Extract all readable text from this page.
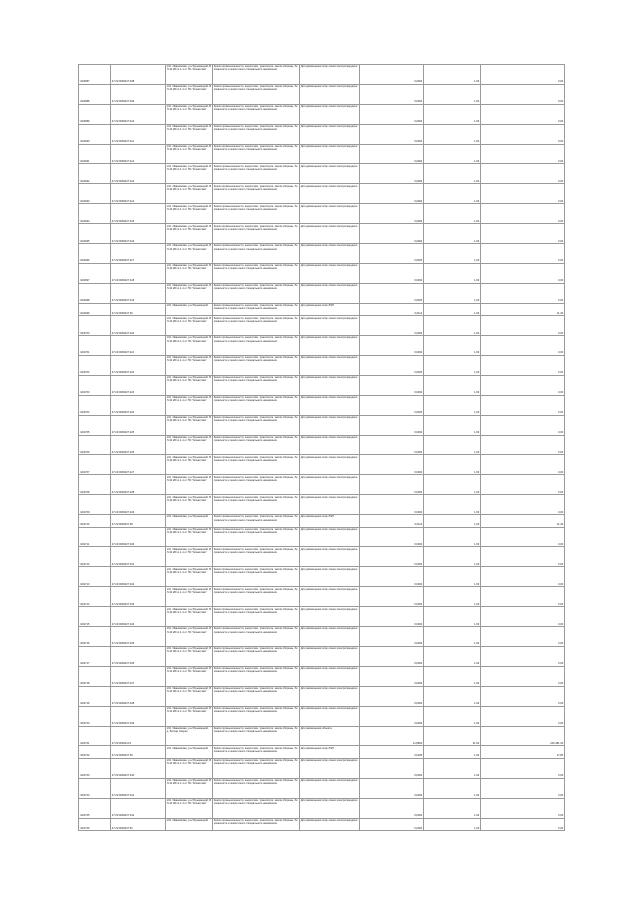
Ч4/2687	27:22:0000427:408	обл. Ивановская, р-н Юрьевецкий, ВЛ-10 кВ № 1-1 от ПС "Ёлнатская"	Земли промышленности, энергетики, транспорта, земли обороны, безопасности и земли иного специального назначения	Для размещения опор линии электропередачи	0,0004	1,00	0,00
Ч4/2688	27:22:0000427:409	обл. Ивановская, р-н Юрьевецкий, ВЛ-10 кВ № 1-1 от ПС "Ёлнатская"	Земли промышленности, энергетики, транспорта, земли обороны, безопасности и земли иного специального назначения	Для размещения опор линии электропередачи	0,0004	1,00	0,00
Ч4/2689	27:22:0000427:410	обл. Ивановская, р-н Юрьевецкий, ВЛ-10 кВ № 1-1 от ПС "Ёлнатская"	Земли промышленности, энергетики, транспорта, земли обороны, безопасности и земли иного специального назначения	Для размещения опор линии электропередачи	0,0004	1,00	0,00
Ч4/2690	27:22:0000427:411	обл. Ивановская, р-н Юрьевецкий, ВЛ-10 кВ № 1-1 от ПС "Ёлнатская"	Земли промышленности, энергетики, транспорта, земли обороны, безопасности и земли иного специального назначения	Для размещения опор линии электропередачи	0,0004	1,00	0,00
Ч4/2691	27:22:0000427:412	обл. Ивановская, р-н Юрьевецкий, ВЛ-10 кВ № 1-1 от ПС "Ёлнатская"	Земли промышленности, энергетики, транспорта, земли обороны, безопасности и земли иного специального назначения	Для размещения опор линии электропередачи	0,0004	1,00	0,00
Ч4/2692	27:22:0000427:413	обл. Ивановская, р-н Юрьевецкий, ВЛ-10 кВ № 1-1 от ПС "Ёлнатская"	Земли промышленности, энергетики, транспорта, земли обороны, безопасности и земли иного специального назначения	Для размещения опор линии электропередачи	0,0004	1,00	0,00
Ч4/2693	27:22:0000427:414	обл. Ивановская, р-н Юрьевецкий, ВЛ-10 кВ № 1-1 от ПС "Ёлнатская"	Земли промышленности, энергетики, транспорта, земли обороны, безопасности и земли иного специального назначения	Для размещения опор линии электропередачи	0,0004	1,00	0,00
Ч4/2694	27:22:0000427:415	обл. Ивановская, р-н Юрьевецкий, ВЛ-10 кВ № 1-1 от ПС "Ёлнатская"	Земли промышленности, энергетики, транспорта, земли обороны, безопасности и земли иного специального назначения	Для размещения опор линии электропередачи	0,0004	1,00	0,00
Ч4/2695	27:22:0000427:416	обл. Ивановская, р-н Юрьевецкий, ВЛ-10 кВ № 1-1 от ПС "Ёлнатская"	Земли промышленности, энергетики, транспорта, земли обороны, безопасности и земли иного специального назначения	Для размещения опор линии электропередачи	0,0004	1,00	0,00
Ч4/2696	27:22:0000427:417	обл. Ивановская, р-н Юрьевецкий, ВЛ-10 кВ № 1-1 от ПС "Ёлнатская"	Земли промышленности, энергетики, транспорта, земли обороны, безопасности и земли иного специального назначения	Для размещения опор линии электропередачи	0,0004	1,00	0,00
Ч4/2697	27:22:0000427:418	обл. Ивановская, р-н Юрьевецкий, ВЛ-10 кВ № 1-1 от ПС "Ёлнатская"	Земли промышленности, энергетики, транспорта, земли обороны, безопасности и земли иного специального назначения	Для размещения опор линии электропередачи	0,0004	1,00	0,00
Ч4/2698	27:22:0000427:419	обл. Ивановская, р-н Юрьевецкий, ВЛ-10 кВ № 1-1 от ПС "Ёлнатская"	Земли промышленности, энергетики, транспорта, земли обороны, безопасности и земли иного специального назначения	Для размещения опор линии электропередачи	0,0004	1,00	0,00
Ч4/2699	27:22:0000427:46	обл. Ивановская, р-н Юрьевецкий	Земли промышленности, энергетики, транспорта, земли обороны, безопасности и земли иного специального назначения	Для размещения опор ЛЭП	0,0114	1,00	11,40
Ч4/2700	27:22:0000427:420	обл. Ивановская, р-н Юрьевецкий, ВЛ-10 кВ № 1-1 от ПС "Ёлнатская"	Земли промышленности, энергетики, транспорта, земли обороны, безопасности и земли иного специального назначения	Для размещения опор линии электропередачи	0,0004	1,00	0,00
Ч4/2701	27:22:0000427:421	обл. Ивановская, р-н Юрьевецкий, ВЛ-10 кВ № 1-1 от ПС "Ёлнатская"	Земли промышленности, энергетики, транспорта, земли обороны, безопасности и земли иного специального назначения	Для размещения опор линии электропередачи	0,0004	1,00	0,00
Ч4/2702	27:22:0000427:422	обл. Ивановская, р-н Юрьевецкий, ВЛ-10 кВ № 1-1 от ПС "Ёлнатская"	Земли промышленности, энергетики, транспорта, земли обороны, безопасности и земли иного специального назначения	Для размещения опор линии электропередачи	0,0004	1,00	0,00
Ч4/2703	27:22:0000427:423	обл. Ивановская, р-н Юрьевецкий, ВЛ-10 кВ № 1-1 от ПС "Ёлнатская"	Земли промышленности, энергетики, транспорта, земли обороны, безопасности и земли иного специального назначения	Для размещения опор линии электропередачи	0,0004	1,00	0,00
Ч4/2704	27:22:0000427:424	обл. Ивановская, р-н Юрьевецкий, ВЛ-10 кВ № 1-1 от ПС "Ёлнатская"	Земли промышленности, энергетики, транспорта, земли обороны, безопасности и земли иного специального назначения	Для размещения опор линии электропередачи	0,0004	1,00	0,00
Ч4/2705	27:22:0000427:425	обл. Ивановская, р-н Юрьевецкий, ВЛ-10 кВ № 1-1 от ПС "Ёлнатская"	Земли промышленности, энергетики, транспорта, земли обороны, безопасности и земли иного специального назначения	Для размещения опор линии электропередачи	0,0004	1,00	0,00
Ч4/2706	27:22:0000427:426	обл. Ивановская, р-н Юрьевецкий, ВЛ-10 кВ № 1-1 от ПС "Ёлнатская"	Земли промышленности, энергетики, транспорта, земли обороны, безопасности и земли иного специального назначения	Для размещения опор линии электропередачи	0,0004	1,00	0,00
Ч4/2707	27:22:0000427:427	обл. Ивановская, р-н Юрьевецкий, ВЛ-10 кВ № 1-1 от ПС "Ёлнатская"	Земли промышленности, энергетики, транспорта, земли обороны, безопасности и земли иного специального назначения	Для размещения опор линии электропередачи	0,0004	1,00	0,00
Ч4/2708	27:22:0000427:428	обл. Ивановская, р-н Юрьевецкий, ВЛ-10 кВ № 1-1 от ПС "Ёлнатская"	Земли промышленности, энергетики, транспорта, земли обороны, безопасности и земли иного специального назначения	Для размещения опор линии электропередачи	0,0004	1,00	0,00
Ч4/2709	27:22:0000427:429	обл. Ивановская, р-н Юрьевецкий, ВЛ-10 кВ № 1-1 от ПС "Ёлнатская"	Земли промышленности, энергетики, транспорта, земли обороны, безопасности и земли иного специального назначения	Для размещения опор линии электропередачи	0,0004	1,00	0,00
Ч4/2710	27:22:0000427:48	обл. Ивановская, р-н Юрьевецкий	Земли промышленности, энергетики, транспорта, земли обороны, безопасности и земли иного специального назначения	Для размещения опор ЛЭП	0,0114	1,00	11,40
Ч4/2711	27:22:0000427:430	обл. Ивановская, р-н Юрьевецкий, ВЛ-10 кВ № 1-1 от ПС "Ёлнатская"	Земли промышленности, энергетики, транспорта, земли обороны, безопасности и земли иного специального назначения	Для размещения опор линии электропередачи	0,0004	1,00	0,00
Ч4/2712	27:22:0000427:431	обл. Ивановская, р-н Юрьевецкий, ВЛ-10 кВ № 1-1 от ПС "Ёлнатская"	Земли промышленности, энергетики, транспорта, земли обороны, безопасности и земли иного специального назначения	Для размещения опор линии электропередачи	0,0004	1,00	0,00
Ч4/2713	27:22:0000427:432	обл. Ивановская, р-н Юрьевецкий, ВЛ-10 кВ № 1-1 от ПС "Ёлнатская"	Земли промышленности, энергетики, транспорта, земли обороны, безопасности и земли иного специального назначения	Для размещения опор линии электропередачи	0,0004	1,00	0,00
Ч4/2714	27:22:0000427:433	обл. Ивановская, р-н Юрьевецкий, ВЛ-10 кВ № 1-1 от ПС "Ёлнатская"	Земли промышленности, энергетики, транспорта, земли обороны, безопасности и земли иного специального назначения	Для размещения опор линии электропередачи	0,0004	1,00	0,00
Ч4/2715	27:22:0000427:434	обл. Ивановская, р-н Юрьевецкий, ВЛ-10 кВ № 1-1 от ПС "Ёлнатская"	Земли промышленности, энергетики, транспорта, земли обороны, безопасности и земли иного специального назначения	Для размещения опор линии электропередачи	0,0004	1,00	0,00
Ч4/2716	27:22:0000427:435	обл. Ивановская, р-н Юрьевецкий, ВЛ-10 кВ № 1-1 от ПС "Ёлнатская"	Земли промышленности, энергетики, транспорта, земли обороны, безопасности и земли иного специального назначения	Для размещения опор линии электропередачи	0,0004	1,00	0,00
Ч4/2717	27:22:0000427:436	обл. Ивановская, р-н Юрьевецкий, ВЛ-10 кВ № 1-1 от ПС "Ёлнатская"	Земли промышленности, энергетики, транспорта, земли обороны, безопасности и земли иного специального назначения	Для размещения опор линии электропередачи	0,0004	1,00	0,00
Ч4/2718	27:22:0000427:437	обл. Ивановская, р-н Юрьевецкий, ВЛ-10 кВ № 1-1 от ПС "Ёлнатская"	Земли промышленности, энергетики, транспорта, земли обороны, безопасности и земли иного специального назначения	Для размещения опор линии электропередачи	0,0004	1,00	0,00
Ч4/2719	27:22:0000427:438	обл. Ивановская, р-н Юрьевецкий, ВЛ-10 кВ № 1-1 от ПС "Ёлнатская"	Земли промышленности, энергетики, транспорта, земли обороны, безопасности и земли иного специального назначения	Для размещения опор линии электропередачи	0,0004	1,00	0,00
Ч4/2720	27:22:0000427:439	обл. Ивановская, р-н Юрьевецкий, ВЛ-10 кВ № 1-1 от ПС "Ёлнатская"	Земли промышленности, энергетики, транспорта, земли обороны, безопасности и земли иного специального назначения	Для размещения опор линии электропередачи	0,0004	1,00	0,00
Ч4/2721	27:22:0000411:5	обл. Ивановская, р-н Юрьевецкий, д. Болгар Озерки	Земли промышленности, энергетики, транспорта, земли обороны, безопасности и земли иного специального назначения	Для размещения объекта	11,8800	21,00	249 481,20
Ч4/2722	27:22:0000427:50	обл. Ивановская, р-н Юрьевецкий	Земли промышленности, энергетики, транспорта, земли обороны, безопасности и земли иного специального назначения	Для размещения опор ЛЭП	0,0180	1,00	17,80
Ч4/2723	27:22:0000427:440	обл. Ивановская, р-н Юрьевецкий, ВЛ-10 кВ № 1-1 от ПС "Ёлнатская"	Земли промышленности, энергетики, транспорта, земли обороны, безопасности и земли иного специального назначения	Для размещения опор линии электропередачи	0,0004	1,00	0,00
Ч4/2724	27:22:0000427:441	обл. Ивановская, р-н Юрьевецкий, ВЛ-10 кВ № 1-1 от ПС "Ёлнатская"	Земли промышленности, энергетики, транспорта, земли обороны, безопасности и земли иного специального назначения	Для размещения опор линии электропередачи	0,0004	1,00	0,00
Ч4/2725	27:22:0000427:442	обл. Ивановская, р-н Юрьевецкий, ВЛ-10 кВ № 1-1 от ПС "Ёлнатская"	Земли промышленности, энергетики, транспорта, земли обороны, безопасности и земли иного специального назначения	Для размещения опор линии электропередачи	0,0004	1,00	0,00
Ч4/2726	27:22:0000427:51	обл. Ивановская, р-н Юрьевецкий	Земли промышленности, энергетики, транспорта, земли обороны, безопасности и земли иного специального назначения	Для размещения опор линии электропередачи	0,0004	1,00	0,00
